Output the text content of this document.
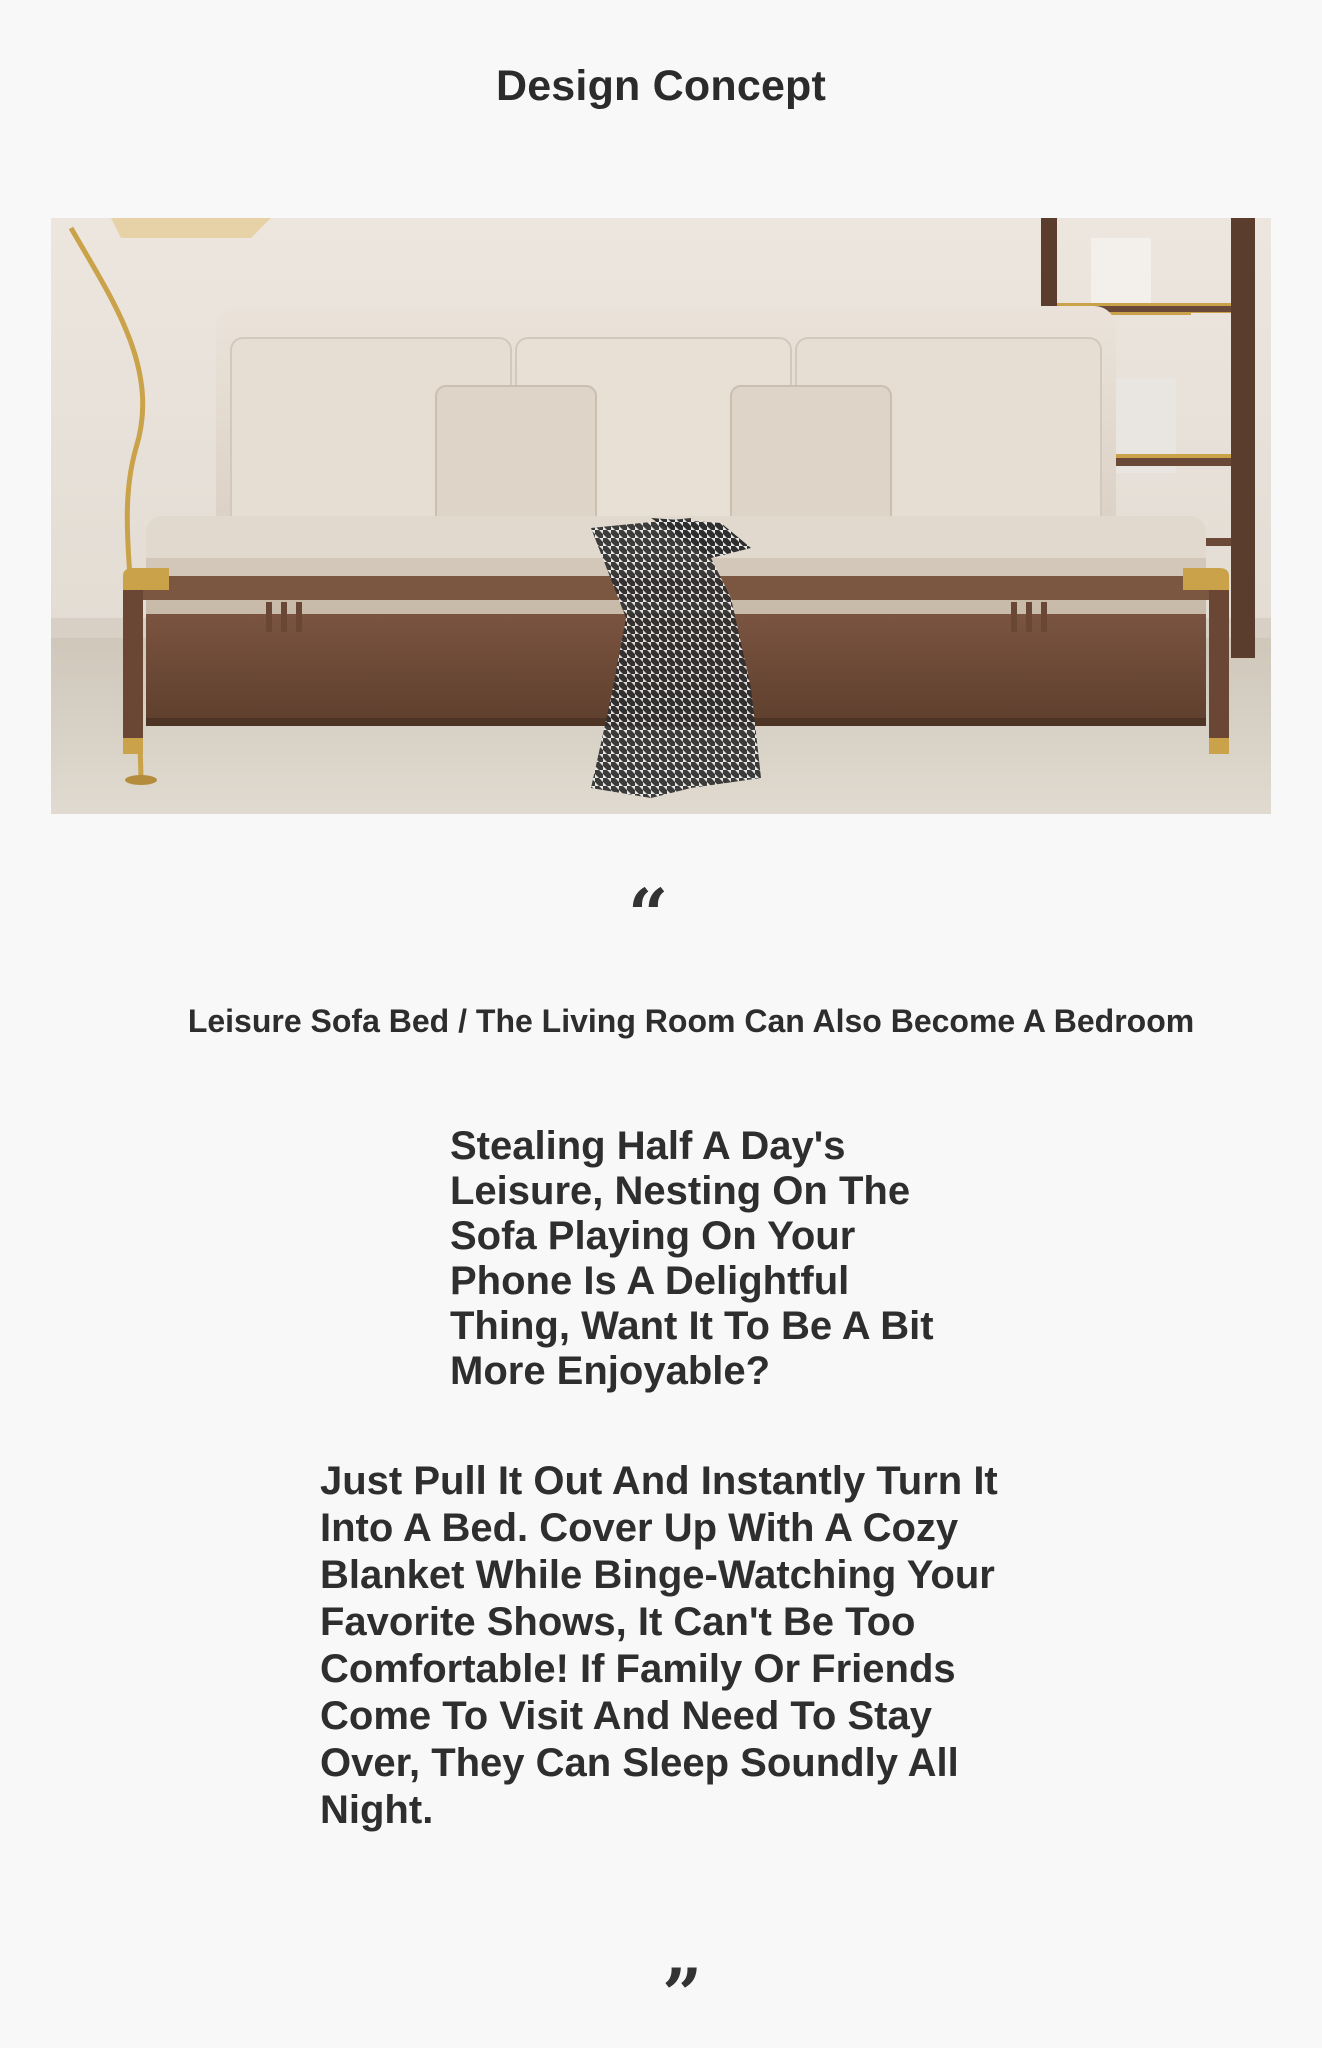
Design Concept
“
Leisure Sofa Bed / The Living Room Can Also Become A Bedroom
Stealing Half A Day's Leisure, Nesting On The Sofa Playing On Your Phone Is A Delightful Thing, Want It To Be A Bit More Enjoyable?
Just Pull It Out And Instantly Turn It Into A Bed. Cover Up With A Cozy Blanket While Binge-Watching Your Favorite Shows, It Can't Be Too Comfortable! If Family Or Friends Come To Visit And Need To Stay Over, They Can Sleep Soundly All Night.
”
